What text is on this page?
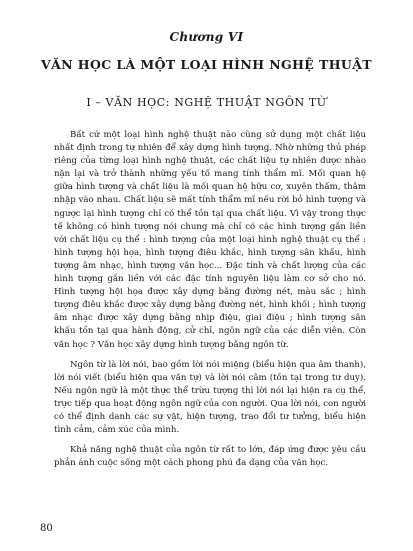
Chương VI
VĂN HỌC LÀ MỘT LOẠI HÌNH NGHỆ THUẬT
I – VĂN HỌC: NGHỆ THUẬT NGÔN TỪ

Bất cứ một loại hình nghệ thuật nào cũng sử dụng một chất liệu nhất định trong tự nhiên để xây dựng hình tượng. Nhờ những thủ pháp riêng của từng loại hình nghệ thuật, các chất liệu tự nhiên được nhào nặn lại và trở thành những yếu tố mang tính thẩm mĩ. Mối quan hệ giữa hình tượng và chất liệu là mối quan hệ hữu cơ, xuyên thấm, thâm nhập vào nhau. Chất liệu sẽ mất tính thẩm mĩ nếu rời bỏ hình tượng và ngược lại hình tượng chỉ có thể tồn tại qua chất liệu. Vì vậy trong thực tế không có hình tượng nói chung mà chỉ có các hình tượng gắn liền với chất liệu cụ thể : hình tượng của một loại hình nghệ thuật cụ thể : hình tượng hội họa, hình tượng điêu khắc, hình tượng sân khấu, hình tượng âm nhạc, hình tượng văn học... Đặc tính và chất lượng của các hình tượng gắn liền với các đặc tính nguyên liệu làm cơ sở cho nó. Hình tượng hội họa được xây dựng bằng đường nét, màu sắc ; hình tượng điêu khắc được xây dựng bằng đường nét, hình khối ; hình tượng âm nhạc được xây dựng bằng nhịp điệu, giai điệu ; hình tượng sân khấu tồn tại qua hành động, cử chỉ, ngôn ngữ của các diễn viên. Còn văn học ? Văn học xây dựng hình tượng bằng ngôn từ.

Ngôn từ là lời nói, bao gồm lời nói miệng (biểu hiện qua âm thanh), lời nói viết (biểu hiện qua văn tự) và lời nói câm (tồn tại trong tư duy). Nếu ngôn ngữ là một thực thể trừu tượng thì lời nói lại hiện ra cụ thể, trực tiếp qua hoạt động ngôn ngữ của con người. Qua lời nói, con người có thể định danh các sự vật, hiện tượng, trao đổi tư tưởng, biểu hiện tình cảm, cảm xúc của mình.

Khả năng nghệ thuật của ngôn từ rất to lớn, đáp ứng được yêu cầu phản ánh cuộc sống một cách phong phú đa dạng của văn học.

80
